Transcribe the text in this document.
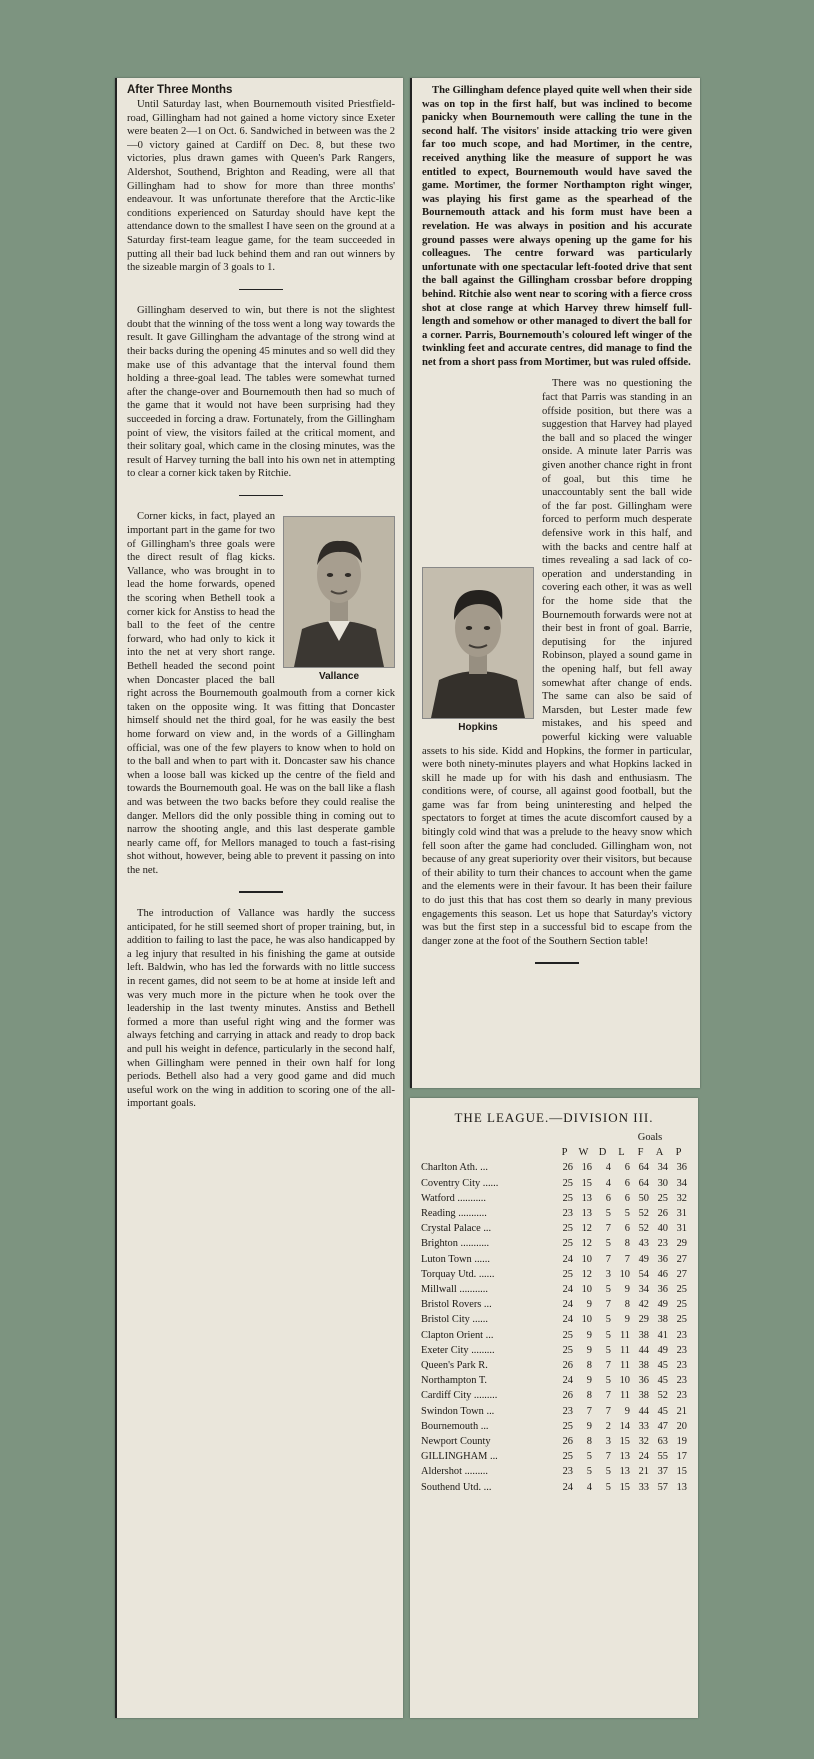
After Three Months

Until Saturday last, when Bournemouth visited Priestfield-road, Gillingham had not gained a home victory since Exeter were beaten 2—1 on Oct. 6. Sandwiched in between was the 2—0 victory gained at Cardiff on Dec. 8, but these two victories, plus drawn games with Queen's Park Rangers, Aldershot, Southend, Brighton and Reading, were all that Gillingham had to show for more than three months' endeavour. It was unfortunate therefore that the Arctic-like conditions experienced on Saturday should have kept the attendance down to the smallest I have seen on the ground at a Saturday first-team league game, for the team succeeded in putting all their bad luck behind them and ran out winners by the sizeable margin of 3 goals to 1.

Gillingham deserved to win, but there is not the slightest doubt that the winning of the toss went a long way towards the result. It gave Gillingham the advantage of the strong wind at their backs during the opening 45 minutes and so well did they make use of this advantage that the interval found them holding a three-goal lead. The tables were somewhat turned after the change-over and Bournemouth then had so much of the game that it would not have been surprising had they succeeded in forcing a draw. Fortunately, from the Gillingham point of view, the visitors failed at the critical moment, and their solitary goal, which came in the closing minutes, was the result of Harvey turning the ball into his own net in attempting to clear a corner kick taken by Ritchie.

Vallance

Corner kicks, in fact, played an important part in the game for two of Gillingham's three goals were the direct result of flag kicks. Vallance, who was brought in to lead the home forwards, opened the scoring when Bethell took a corner kick for Anstiss to head the ball to the feet of the centre forward, who had only to kick it into the net at very short range. Bethell headed the second point when Doncaster placed the ball right across the Bournemouth goalmouth from a corner kick taken on the opposite wing. It was fitting that Doncaster himself should net the third goal, for he was easily the best home forward on view and, in the words of a Gillingham official, was one of the few players to know when to hold on to the ball and when to part with it. Doncaster saw his chance when a loose ball was kicked up the centre of the field and towards the Bournemouth goal. He was on the ball like a flash and was between the two backs before they could realise the danger. Mellors did the only possible thing in coming out to narrow the shooting angle, and this last desperate gamble nearly came off, for Mellors managed to touch a fast-rising shot without, however, being able to prevent it passing on into the net.

The introduction of Vallance was hardly the success anticipated, for he still seemed short of proper training, but, in addition to failing to last the pace, he was also handicapped by a leg injury that resulted in his finishing the game at outside left. Baldwin, who has led the forwards with no little success in recent games, did not seem to be at home at inside left and was very much more in the picture when he took over the leadership in the last twenty minutes. Anstiss and Bethell formed a more than useful right wing and the former was always fetching and carrying in attack and ready to drop back and pull his weight in defence, particularly in the second half, when Gillingham were penned in their own half for long periods. Bethell also had a very good game and did much useful work on the wing in addition to scoring one of the all-important goals.

The Gillingham defence played quite well when their side was on top in the first half, but was inclined to become panicky when Bournemouth were calling the tune in the second half. The visitors' inside attacking trio were given far too much scope, and had Mortimer, in the centre, received anything like the measure of support he was entitled to expect, Bournemouth would have saved the game. Mortimer, the former Northampton right winger, was playing his first game as the spearhead of the Bournemouth attack and his form must have been a revelation. He was always in position and his accurate ground passes were always opening up the game for his colleagues. The centre forward was particularly unfortunate with one spectacular left-footed drive that sent the ball against the Gillingham crossbar before dropping behind. Ritchie also went near to scoring with a fierce cross shot at close range at which Harvey threw himself full-length and somehow or other managed to divert the ball for a corner. Parris, Bournemouth's coloured left winger of the twinkling feet and accurate centres, did manage to find the net from a short pass from Mortimer, but was ruled offside.

Hopkins

There was no questioning the fact that Parris was standing in an offside position, but there was a suggestion that Harvey had played the ball and so placed the winger onside. A minute later Parris was given another chance right in front of goal, but this time he unaccountably sent the ball wide of the far post. Gillingham were forced to perform much desperate defensive work in this half, and with the backs and centre half at times revealing a sad lack of co-operation and understanding in covering each other, it was as well for the home side that the Bournemouth forwards were not at their best in front of goal. Barrie, deputising for the injured Robinson, played a sound game in the opening half, but fell away somewhat after change of ends. The same can also be said of Marsden, but Lester made few mistakes, and his speed and powerful kicking were valuable assets to his side. Kidd and Hopkins, the former in particular, were both ninety-minutes players and what Hopkins lacked in skill he made up for with his dash and enthusiasm. The conditions were, of course, all against good football, but the game was far from being uninteresting and helped the spectators to forget at times the acute discomfort caused by a bitingly cold wind that was a prelude to the heavy snow which fell soon after the game had concluded. Gillingham won, not because of any great superiority over their visitors, but because of their ability to turn their chances to account when the game and the elements were in their favour. It has been their failure to do just this that has cost them so dearly in many previous engagements this season. Let us hope that Saturday's victory was but the first step in a successful bid to escape from the danger zone at the foot of the Southern Section table!

THE LEAGUE.—DIVISION III.
					Goals		
	P	W	D	L	F	A	P
Charlton Ath. ...	26	16	4	6	64	34	36
Coventry City ......	25	15	4	6	64	30	34
Watford ...........	25	13	6	6	50	25	32
Reading ...........	23	13	5	5	52	26	31
Crystal Palace ...	25	12	7	6	52	40	31
Brighton ...........	25	12	5	8	43	23	29
Luton Town ......	24	10	7	7	49	36	27
Torquay Utd. ......	25	12	3	10	54	46	27
Millwall ...........	24	10	5	9	34	36	25
Bristol Rovers ...	24	9	7	8	42	49	25
Bristol City ......	24	10	5	9	29	38	25
Clapton Orient ...	25	9	5	11	38	41	23
Exeter City .........	25	9	5	11	44	49	23
Queen's Park R.	26	8	7	11	38	45	23
Northampton T.	24	9	5	10	36	45	23
Cardiff City .........	26	8	7	11	38	52	23
Swindon Town ...	23	7	7	9	44	45	21
Bournemouth ...	25	9	2	14	33	47	20
Newport County	26	8	3	15	32	63	19
GILLINGHAM ...	25	5	7	13	24	55	17
Aldershot .........	23	5	5	13	21	37	15
Southend Utd. ...	24	4	5	15	33	57	13
